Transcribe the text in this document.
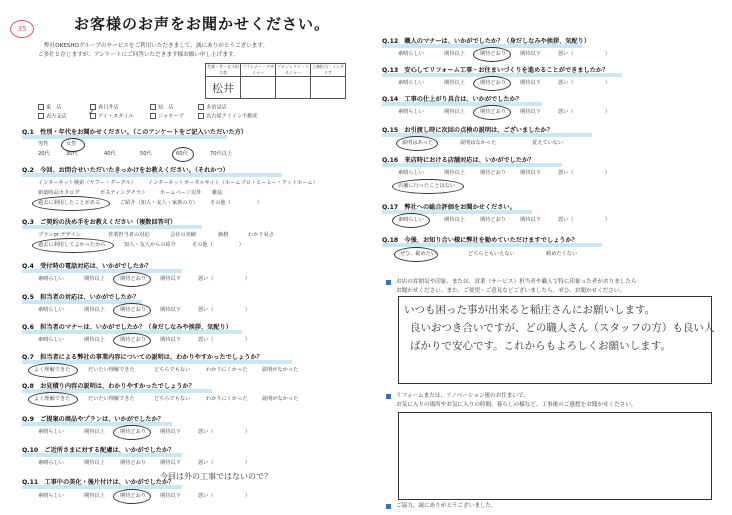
35	お客様のお声をお聞かせください。
弊社OKESHOグループのサービスをご利用いただきまして、誠にありがとうございます。
ご多忙と存じますが、アンケートにご回答いただきます様お願い申し上げます。
営業・サービス担当者	プランナー・デザイナー	プロジェクト・マネジャー	工務担当・インテリア
松井			
東　店
表方支店
春日井店
アイ・スタイル
知　店
ジャキーブ
多治見店
名古屋アミイン不動産
✓
Q.1　性別・年代をお聞かせください。（このアンケートをご記入いただいた方）
男性	女性
20代	30代	40代	50代	60代	70代以上
Q.2　今回、お問合せいただいたきっかけをお教えください。（それかつ）
インターネット検索（ヤフー・グーグル） インターネットポータルサイト（ホームプロ・エーヒー・アットホーム）
新築時品カタログ	ポスティングチラシ	ホームページ以外 雑誌
過去に利用したことがある	ご紹介（知人・友人・家族の方） その他（　　　　　）
Q.3　ご契約の決め手をお教えください（複数回答可）
プランor デザイン	営業担当者の対応	会社の実績	価格	わかり易さ
過去に利用してよかったから	知人・友人からの紹介	その他（　　　　　）
Q.4　受付時の電話対応は、いかがでしたか？
素晴らしい	期待以上	期待どおり	期待以下	悪い（　　　　　　）
Q.5　担当者の対応は、いかがでしたか？
素晴らしい	期待以上	期待どおり	期待以下	悪い（　　　　　　）
Q.6　担当者のマナーは、いかがでしたか？（身だしなみや挨拶、気配り）
素晴らしい	期待以上	期待どおり	期待以下	悪い（　　　　　　）
Q.7　担当者による弊社の事業内容についての説明は、わかりやすかったでしょうか？
よく理解できた	だいたい理解できた	どちらでもない	わかりにくかった	説明がなかった
Q.8　お見積り内容の説明は、わかりやすかったでしょうか？
よく理解できた	だいたい理解できた	どちらでもない	わかりにくかった	説明がなかった
Q.9　ご提案の商品やプランは、いかがでしたか？
素晴らしい	期待以上	期待どおり	期待以下	悪い（　　　　　　）
Q.10　ご近所さまに対する配慮は、いかがでしたか？
素晴らしい	期待以上	期待どおり	期待以下	悪い（　　　　　　）
今回は外の工事ではないので？
Q.11　工事中の美化・後片付けは、いかがでしたか？
素晴らしい	期待以上	期待どおり	期待以下	悪い（　　　　　　）
Q.12　職人のマナーは、いかがでしたか？（身だしなみや挨拶、気配り）
素晴らしい	期待以上	期待どおり	期待以下	悪い（　　　　　　）
Q.13　安心してリフォーム工事・お住まいづくりを進めることができましたか？
素晴らしい	期待以上	期待どおり	期待以下	悪い（　　　　　　）
Q.14　工事の仕上がり具合は、いかがでしたか？
素晴らしい	期待以上	期待どおり	期待以下	悪い（　　　　　　）
Q.15　お引渡し時に次回の点検の説明は、ございましたか？
説明はあった	説明はなかった	覚えていない
Q.16　来店時における店舗対応は、いかがでしたか？
素晴らしい	期待以上	期待どおり	期待以下	悪い（　　　　　　）
店舗に行ったことはない
Q.17　弊社への総合評価をお聞かせください。
素晴らしい	期待以上	期待どおり	期待以下	悪い（　　　　　　）
Q.18　今後、お知り合い様に弊社を勧めていただけますでしょうか？
ぜひ、勧めたい	どちらともいえない	勧めたくない
お店の雰囲気や印象、または、営業（サービス）担当者や職人で特に印象った者がおりましたら
お聞かせください。また、ご要望・ご意見などございましたら、ぜひ、お聞かせください。
いつも困った事が出来ると稲庄さんにお願いします。
良いおつき合いですが、どの職人さん（スタッフの方）も良い人
ばかりで安心です。これからもよろしくお願いします。
リフォームまたは、リノベーション後のお住まいで、
お気に入りの場所やお気に入りの時間、暮らしの様など、工事後のご感想をお聞かせください。
ご協力、誠にありがとうございました。
